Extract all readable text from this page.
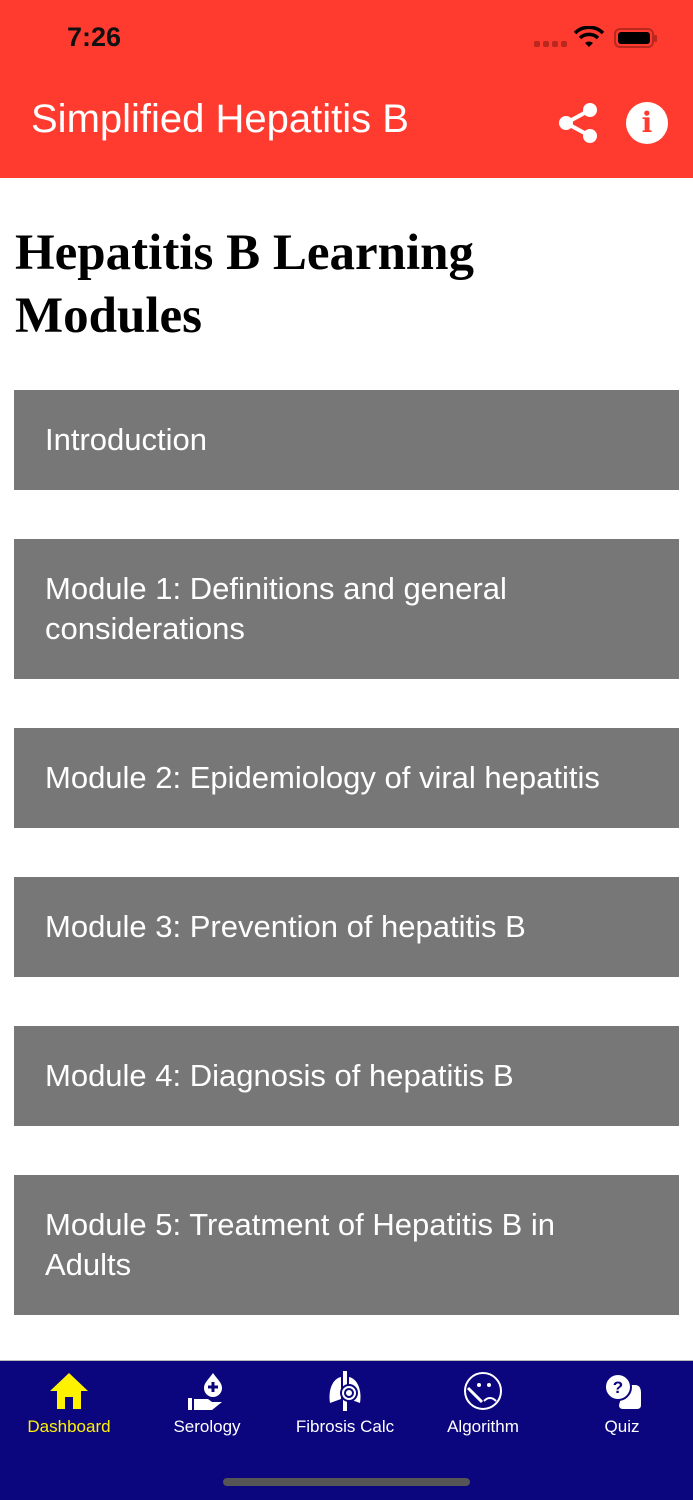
7:26
Simplified Hepatitis B	i
Hepatitis B Learning Modules
Introduction
Module 1: Definitions and general considerations
Module 2: Epidemiology of viral hepatitis
Module 3: Prevention of hepatitis B
Module 4: Diagnosis of hepatitis B
Module 5: Treatment of Hepatitis B in Adults
Dashboard	Serology	Fibrosis Calc	Algorithm
?
Quiz
